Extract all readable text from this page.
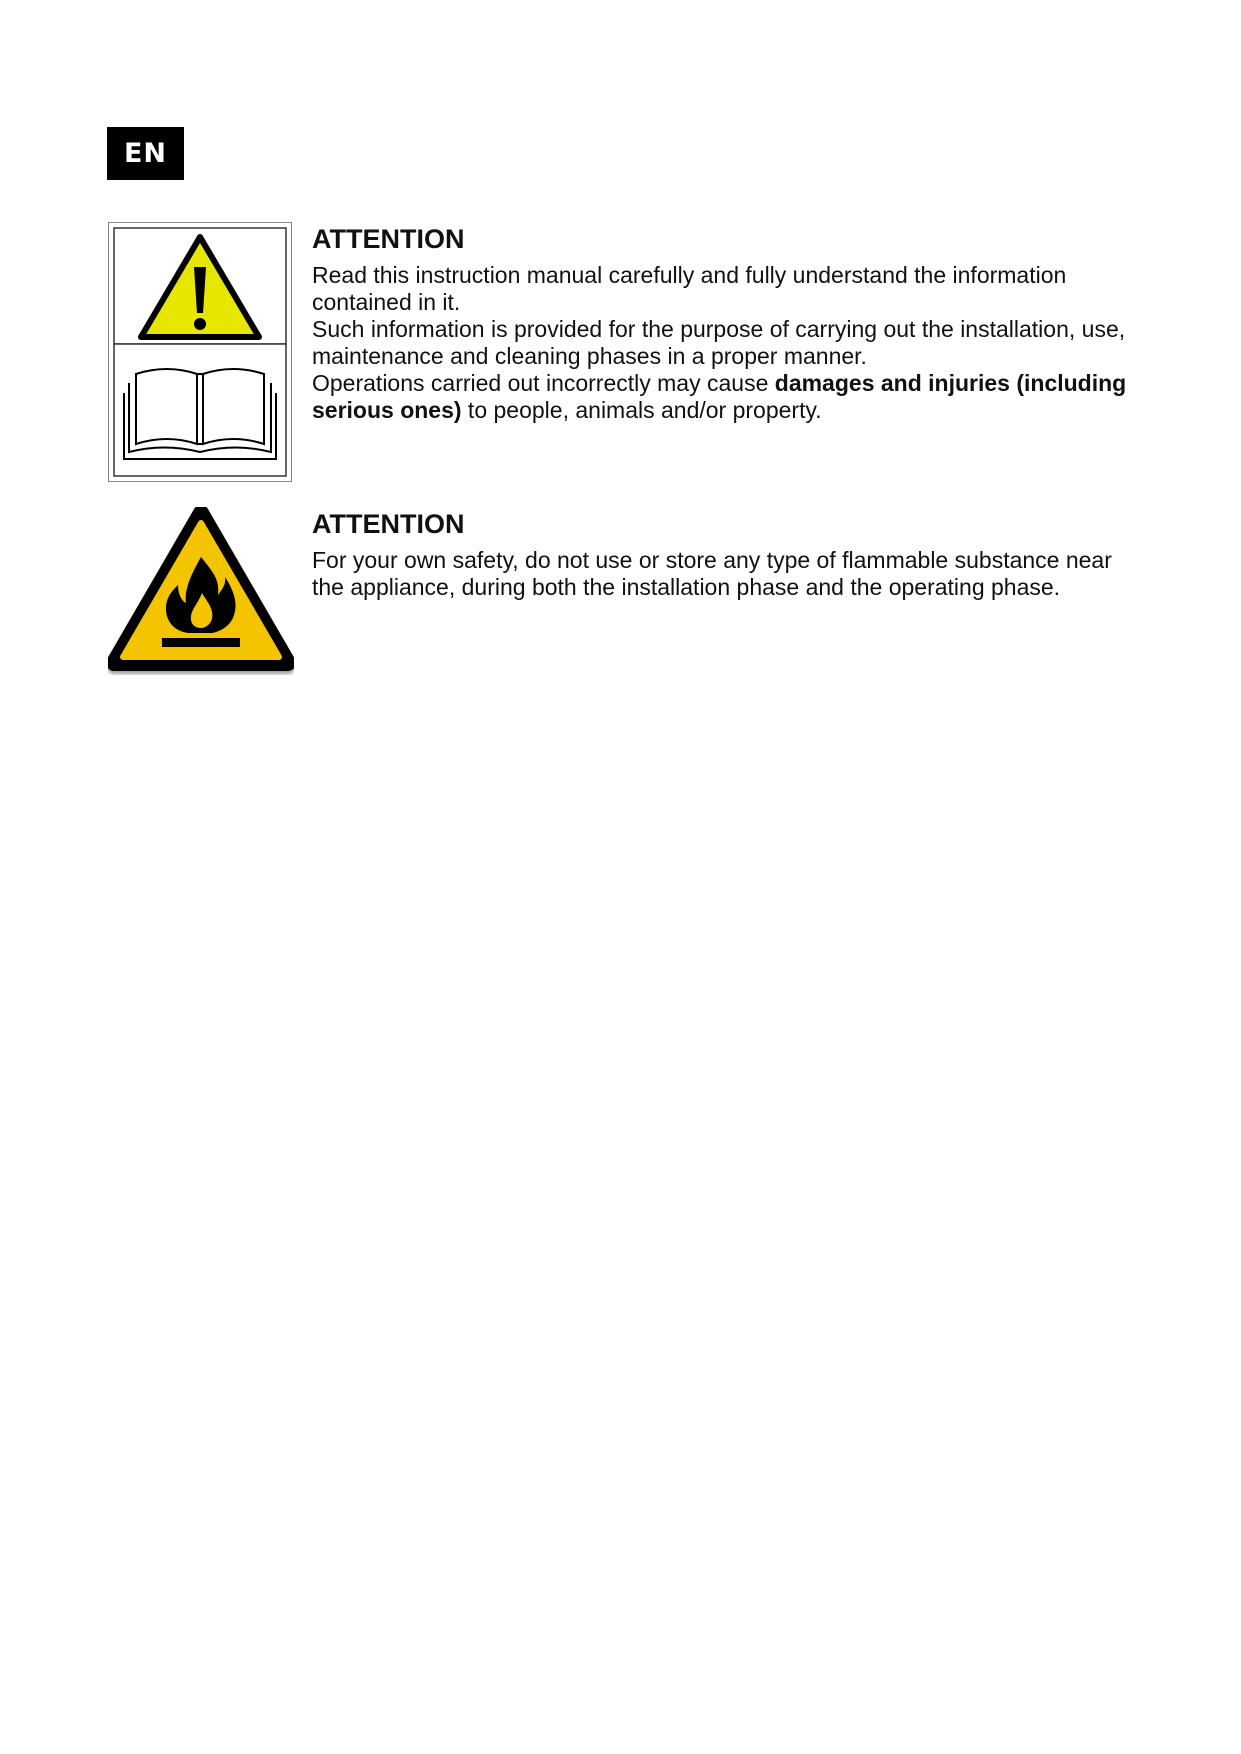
EN

ATTENTION

Read this instruction manual carefully and fully understand the information contained in it.

Such information is provided for the purpose of carrying out the installation, use, maintenance and cleaning phases in a proper manner.

Operations carried out incorrectly may cause damages and injuries (including serious ones) to people, animals and/or property.

ATTENTION

For your own safety, do not use or store any type of flammable substance near the appliance, during both the installation phase and the operating phase.
